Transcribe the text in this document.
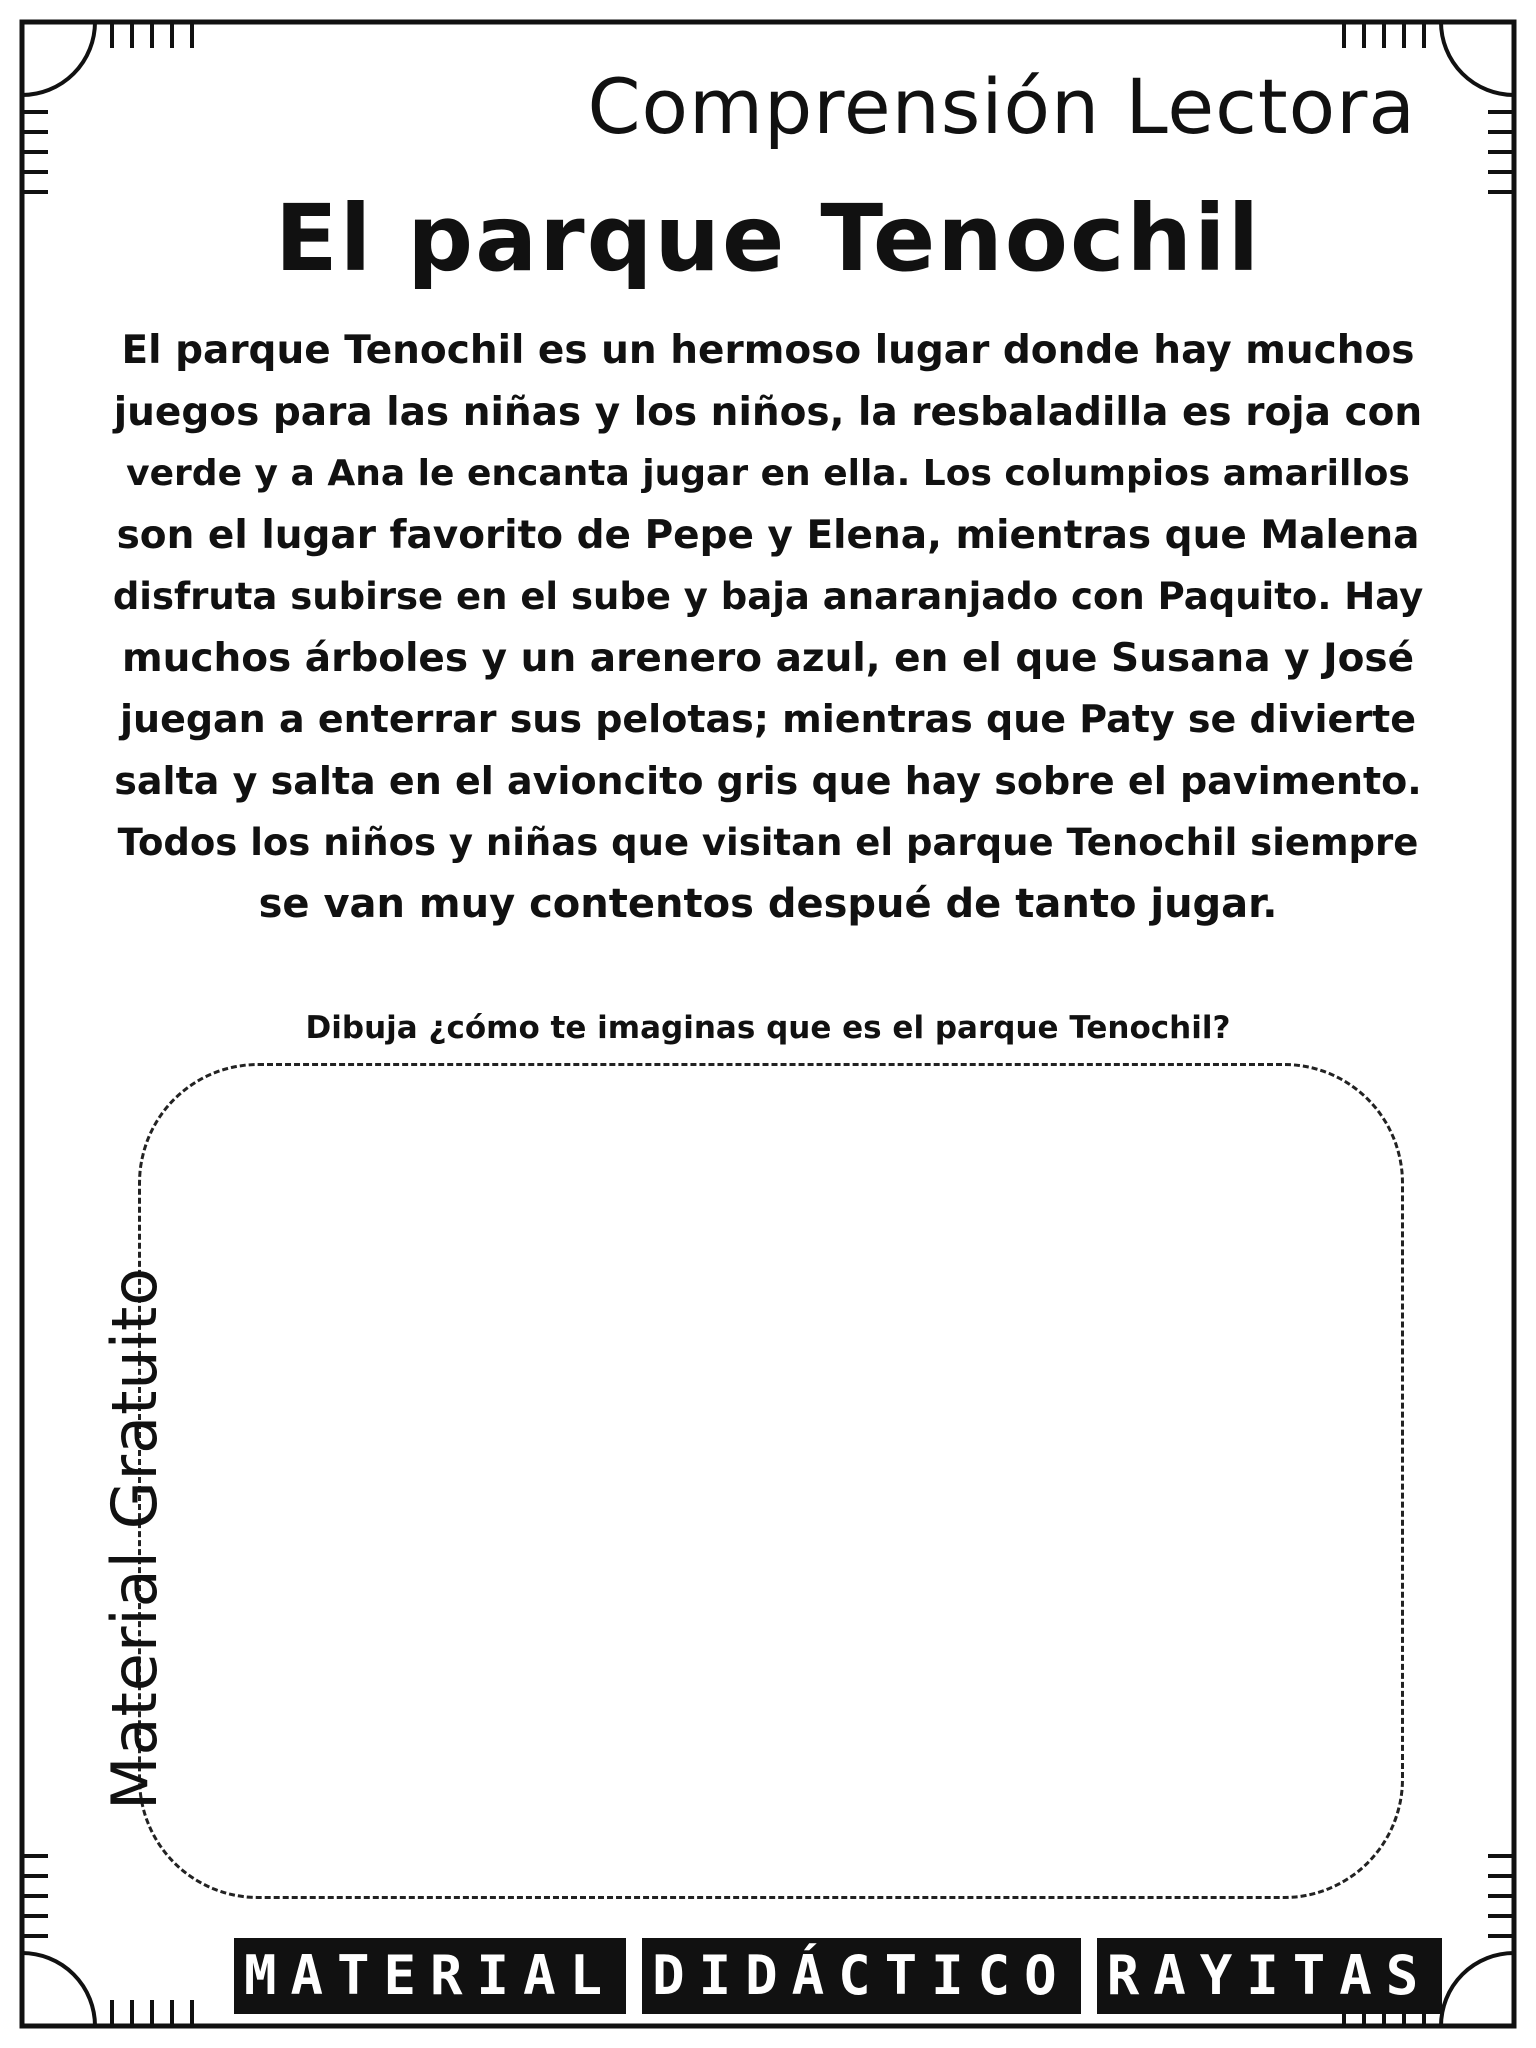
Comprensión Lectora
El parque Tenochil
El parque Tenochil es un hermoso lugar donde hay muchos
juegos para las niñas y los niños, la resbaladilla es roja con
verde y a Ana le encanta jugar en ella. Los columpios amarillos
son el lugar favorito de Pepe y Elena, mientras que Malena
disfruta subirse en el sube y baja anaranjado con Paquito. Hay
muchos árboles y un arenero azul, en el que Susana y José
juegan a enterrar sus pelotas; mientras que Paty se divierte
salta y salta en el avioncito gris que hay sobre el pavimento.
Todos los niños y niñas que visitan el parque Tenochil siempre
se van muy contentos despué de tanto jugar.
Dibuja ¿cómo te imaginas que es el parque Tenochil?
Material Gratuito
MATERIAL DIDÁCTICO RAYITAS
